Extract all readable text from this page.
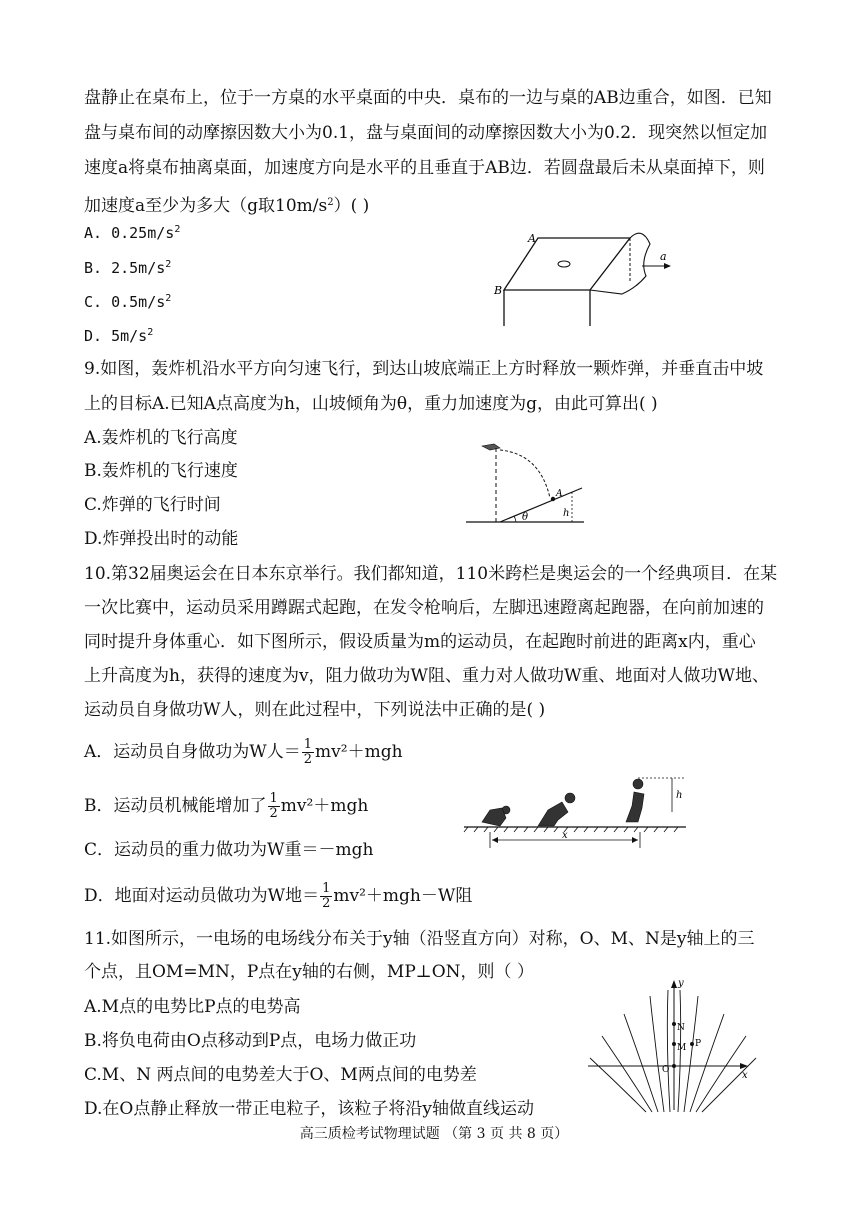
盘静止在桌布上，位于一方桌的水平桌面的中央．桌布的一边与桌的AB边重合，如图．已知
盘与桌布间的动摩擦因数大小为0.1，盘与桌面间的动摩擦因数大小为0.2．现突然以恒定加
速度a将桌布抽离桌面，加速度方向是水平的且垂直于AB边．若圆盘最后未从桌面掉下，则
加速度a至少为多大（g取$10m/s^2$）( )
A. $0.25m/s^2$
B. $2.5m/s^2$
C. $0.5m/s^2$
D. $5m/s^2$
A
B
a
9.如图，轰炸机沿水平方向匀速飞行，到达山坡底端正上方时释放一颗炸弹，并垂直击中坡
上的目标A.已知A点高度为h，山坡倾角为θ，重力加速度为g，由此可算出( )
A.轰炸机的飞行高度
B.轰炸机的飞行速度
C.炸弹的飞行时间
D.炸弹投出时的动能
θ	h
A
10.第32届奥运会在日本东京举行。我们都知道，110米跨栏是奥运会的一个经典项目．在某
一次比赛中，运动员采用蹲踞式起跑，在发令枪响后，左脚迅速蹬离起跑器，在向前加速的
同时提升身体重心．如下图所示，假设质量为m的运动员，在起跑时前进的距离x内，重心
上升高度为h，获得的速度为v，阻力做功为W阻、重力对人做功W重、地面对人做功W地、
运动员自身做功W人，则在此过程中，下列说法中正确的是( )
A．运动员自身做功为W人＝ $\frac{1}{2} mv^2+mgh$
B．运动员机械能增加了 $\frac{1}{2} mv^2+mgh$
C．运动员的重力做功为W重＝－mgh
D．地面对运动员做功为W地＝ $\frac{1}{2} mv^2+mgh-W$阻
h
x
11.如图所示，一电场的电场线分布关于y轴（沿竖直方向）对称，O、M、N是y轴上的三
个点，且OM=MN，P点在y轴的右侧，MP⊥ON，则（ ）
A.M点的电势比P点的电势高
B.将负电荷由O点移动到P点，电场力做正功
C.M、N 两点间的电势差大于O、M两点间的电势差
D.在O点静止释放一带正电粒子，该粒子将沿y轴做直线运动
y
x
N
M P
O
高三质检考试物理试题 （第 3 页 共 8 页）
